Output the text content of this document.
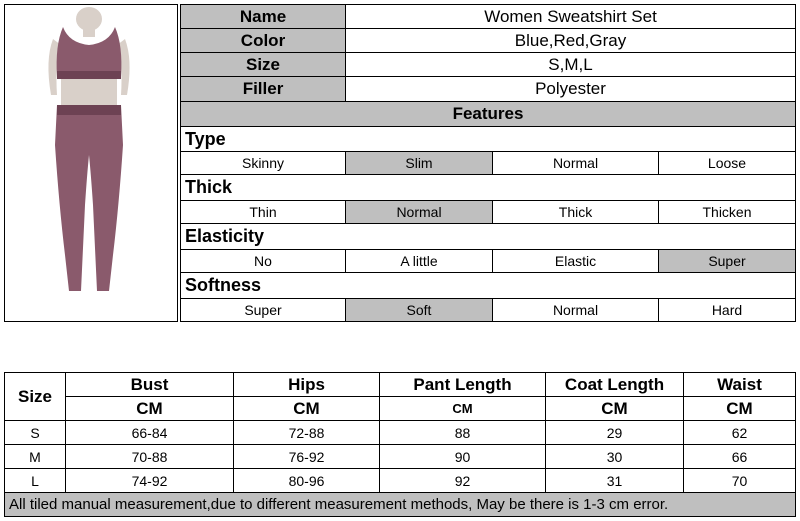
Name	Women Sweatshirt Set
Color	Blue,Red,Gray
Size	S,M,L
Filler	Polyester
Features
Type
Skinny	Slim	Normal	Loose
Thick
Thin	Normal	Thick	Thicken
Elasticity
No	A little	Elastic	Super
Softness
Super	Soft	Normal	Hard
Size
Bust	Hips	Pant Length	Coat Length	Waist
CM	CM	CM	CM	CM
S	66-84	72-88	88	29	62
M	70-88	76-92	90	30	66
L	74-92	80-96	92	31	70
All tiled manual measurement,due to different measurement methods, May be there is 1-3 cm error.
